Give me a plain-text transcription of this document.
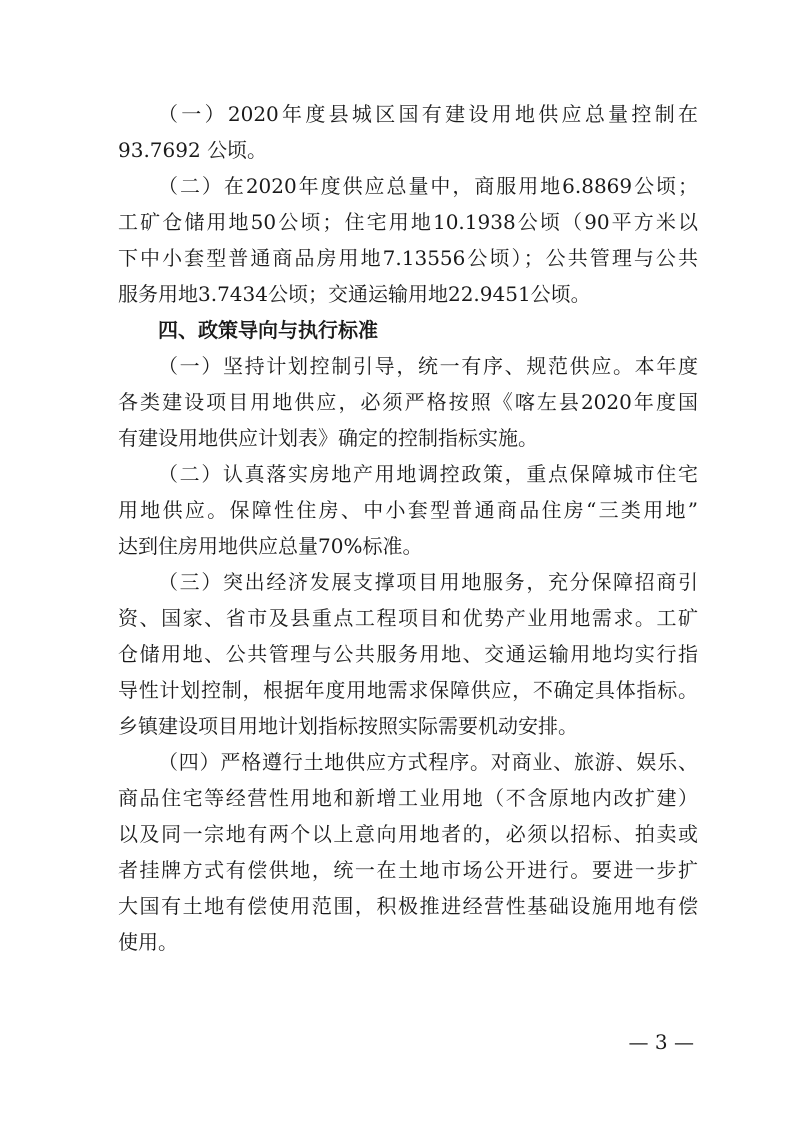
（一）2020年度县城区国有建设用地供应总量控制在
93.7692 公顷。
（二）在2020年度供应总量中，商服用地6.8869公顷；
工矿仓储用地50公顷；住宅用地10.1938公顷（90平方米以
下中小套型普通商品房用地7.13556公顷）；公共管理与公共
服务用地3.7434公顷；交通运输用地22.9451公顷。
四、政策导向与执行标准
（一）坚持计划控制引导，统一有序、规范供应。本年度
各类建设项目用地供应，必须严格按照《喀左县2020年度国
有建设用地供应计划表》确定的控制指标实施。
（二）认真落实房地产用地调控政策，重点保障城市住宅
用地供应。保障性住房、中小套型普通商品住房“三类用地”
达到住房用地供应总量70%标准。
（三）突出经济发展支撑项目用地服务，充分保障招商引
资、国家、省市及县重点工程项目和优势产业用地需求。工矿
仓储用地、公共管理与公共服务用地、交通运输用地均实行指
导性计划控制，根据年度用地需求保障供应，不确定具体指标。
乡镇建设项目用地计划指标按照实际需要机动安排。
（四）严格遵行土地供应方式程序。对商业、旅游、娱乐、
商品住宅等经营性用地和新增工业用地（不含原地内改扩建）
以及同一宗地有两个以上意向用地者的，必须以招标、拍卖或
者挂牌方式有偿供地，统一在土地市场公开进行。要进一步扩
大国有土地有偿使用范围，积极推进经营性基础设施用地有偿
使用。
— 3 —
